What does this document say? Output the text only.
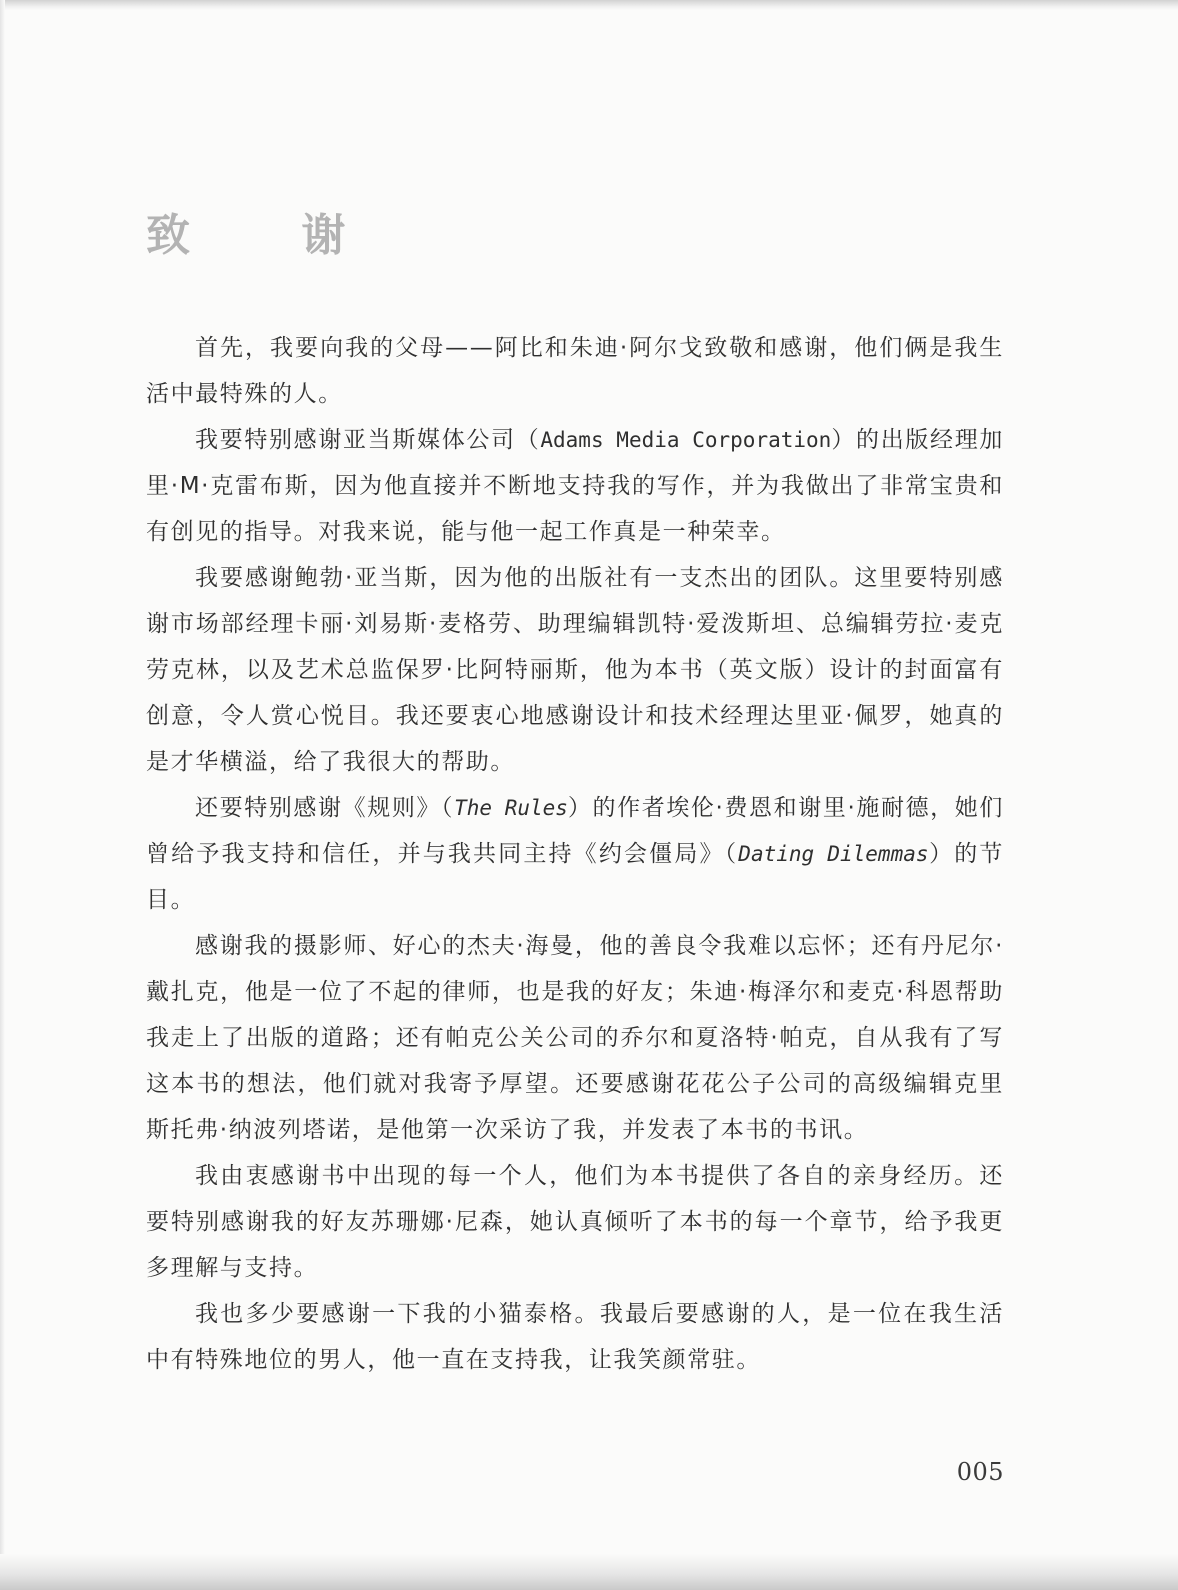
致 谢

首先，我要向我的父母——阿比和朱迪·阿尔戈致敬和感谢，他们俩是我生活中最特殊的人。

我要特别感谢亚当斯媒体公司（Adams Media Corporation）的出版经理加里·M·克雷布斯，因为他直接并不断地支持我的写作，并为我做出了非常宝贵和有创见的指导。对我来说，能与他一起工作真是一种荣幸。

我要感谢鲍勃·亚当斯，因为他的出版社有一支杰出的团队。这里要特别感谢市场部经理卡丽·刘易斯·麦格劳、助理编辑凯特·爱泼斯坦、总编辑劳拉·麦克劳克林，以及艺术总监保罗·比阿特丽斯，他为本书（英文版）设计的封面富有创意，令人赏心悦目。我还要衷心地感谢设计和技术经理达里亚·佩罗，她真的是才华横溢，给了我很大的帮助。

还要特别感谢《规则》（The Rules）的作者埃伦·费恩和谢里·施耐德，她们曾给予我支持和信任，并与我共同主持《约会僵局》（Dating Dilemmas）的节目。

感谢我的摄影师、好心的杰夫·海曼，他的善良令我难以忘怀；还有丹尼尔·戴扎克，他是一位了不起的律师，也是我的好友；朱迪·梅泽尔和麦克·科恩帮助我走上了出版的道路；还有帕克公关公司的乔尔和夏洛特·帕克，自从我有了写这本书的想法，他们就对我寄予厚望。还要感谢花花公子公司的高级编辑克里斯托弗·纳波列塔诺，是他第一次采访了我，并发表了本书的书讯。

我由衷感谢书中出现的每一个人，他们为本书提供了各自的亲身经历。还要特别感谢我的好友苏珊娜·尼森，她认真倾听了本书的每一个章节，给予我更多理解与支持。

我也多少要感谢一下我的小猫泰格。我最后要感谢的人，是一位在我生活中有特殊地位的男人，他一直在支持我，让我笑颜常驻。

005
